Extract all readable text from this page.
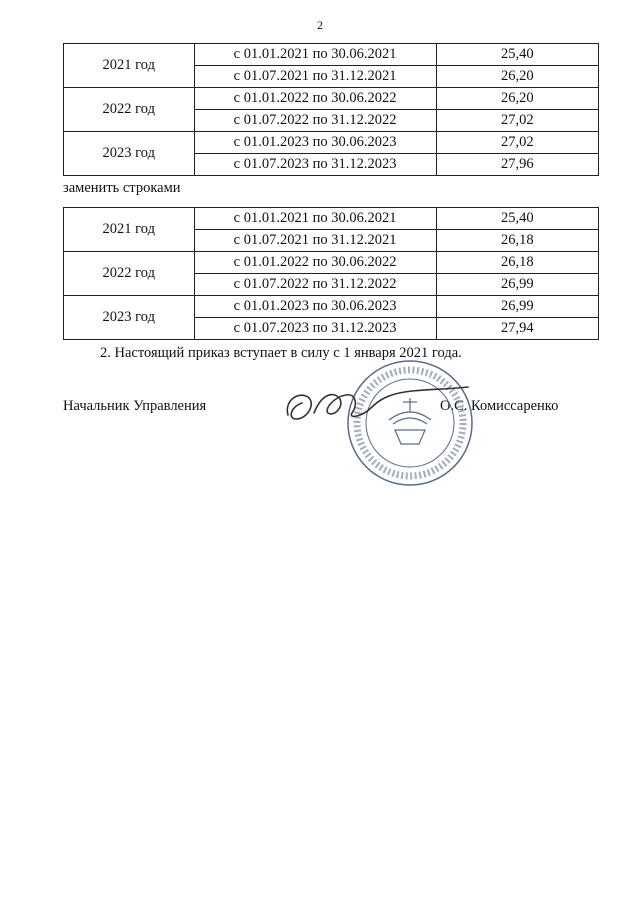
2
2021 год	с 01.01.2021 по 30.06.2021	25,40
	с 01.07.2021 по 31.12.2021	26,20
2022 год	с 01.01.2022 по 30.06.2022	26,20
	с 01.07.2022 по 31.12.2022	27,02
2023 год	с 01.01.2023 по 30.06.2023	27,02
	с 01.07.2023 по 31.12.2023	27,96
заменить строками
2021 год	с 01.01.2021 по 30.06.2021	25,40
	с 01.07.2021 по 31.12.2021	26,18
2022 год	с 01.01.2022 по 30.06.2022	26,18
	с 01.07.2022 по 31.12.2022	26,99
2023 год	с 01.01.2023 по 30.06.2023	26,99
	с 01.07.2023 по 31.12.2023	27,94
2. Настоящий приказ вступает в силу с 1 января 2021 года.
Начальник Управления	О.С. Комиссаренко
